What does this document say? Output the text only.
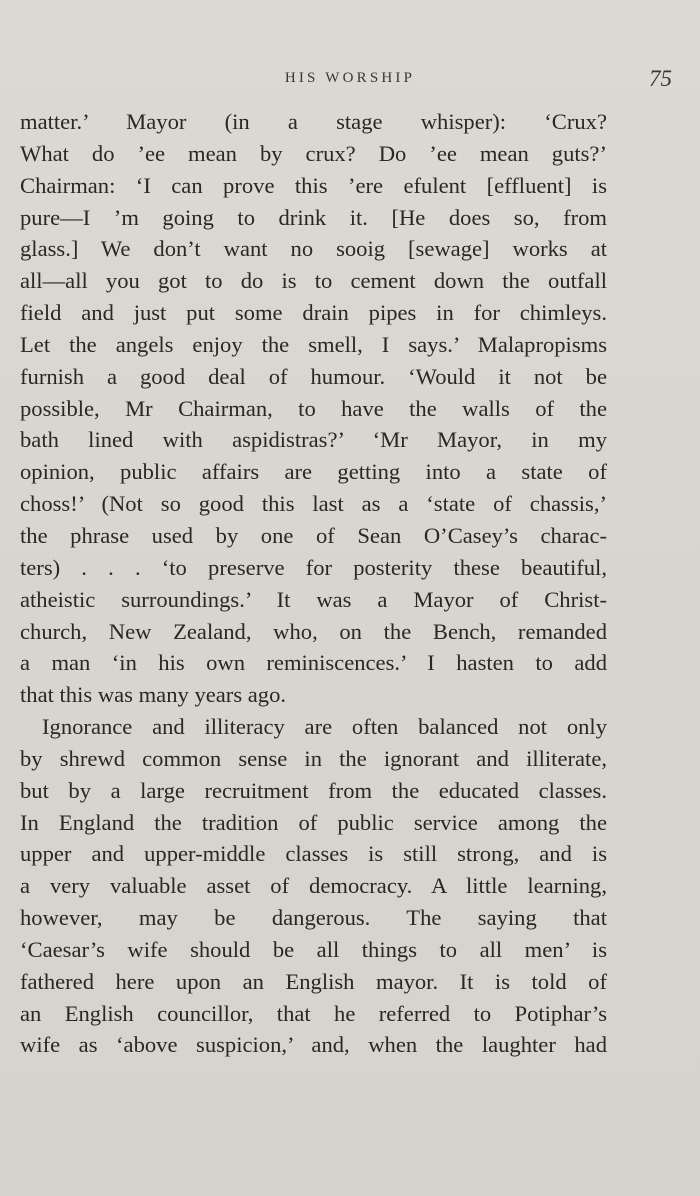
HIS WORSHIP	75
matter.’ Mayor (in a stage whisper): ‘Crux?
What do ’ee mean by crux? Do ’ee mean guts?’
Chairman: ‘I can prove this ’ere efulent [effluent] is
pure—I ’m going to drink it. [He does so, from
glass.] We don’t want no sooig [sewage] works at
all—all you got to do is to cement down the outfall
field and just put some drain pipes in for chimleys.
Let the angels enjoy the smell, I says.’ Malapropisms
furnish a good deal of humour. ‘Would it not be
possible, Mr Chairman, to have the walls of the
bath lined with aspidistras?’ ‘Mr Mayor, in my
opinion, public affairs are getting into a state of
choss!’ (Not so good this last as a ‘state of chassis,’
the phrase used by one of Sean O’Casey’s charac-
ters) . . . ‘to preserve for posterity these beautiful,
atheistic surroundings.’ It was a Mayor of Christ-
church, New Zealand, who, on the Bench, remanded
a man ‘in his own reminiscences.’ I hasten to add
that this was many years ago.
Ignorance and illiteracy are often balanced not only
by shrewd common sense in the ignorant and illiterate,
but by a large recruitment from the educated classes.
In England the tradition of public service among the
upper and upper-middle classes is still strong, and is
a very valuable asset of democracy. A little learning,
however, may be dangerous. The saying that
‘Caesar’s wife should be all things to all men’ is
fathered here upon an English mayor. It is told of
an English councillor, that he referred to Potiphar’s
wife as ‘above suspicion,’ and, when the laughter had
